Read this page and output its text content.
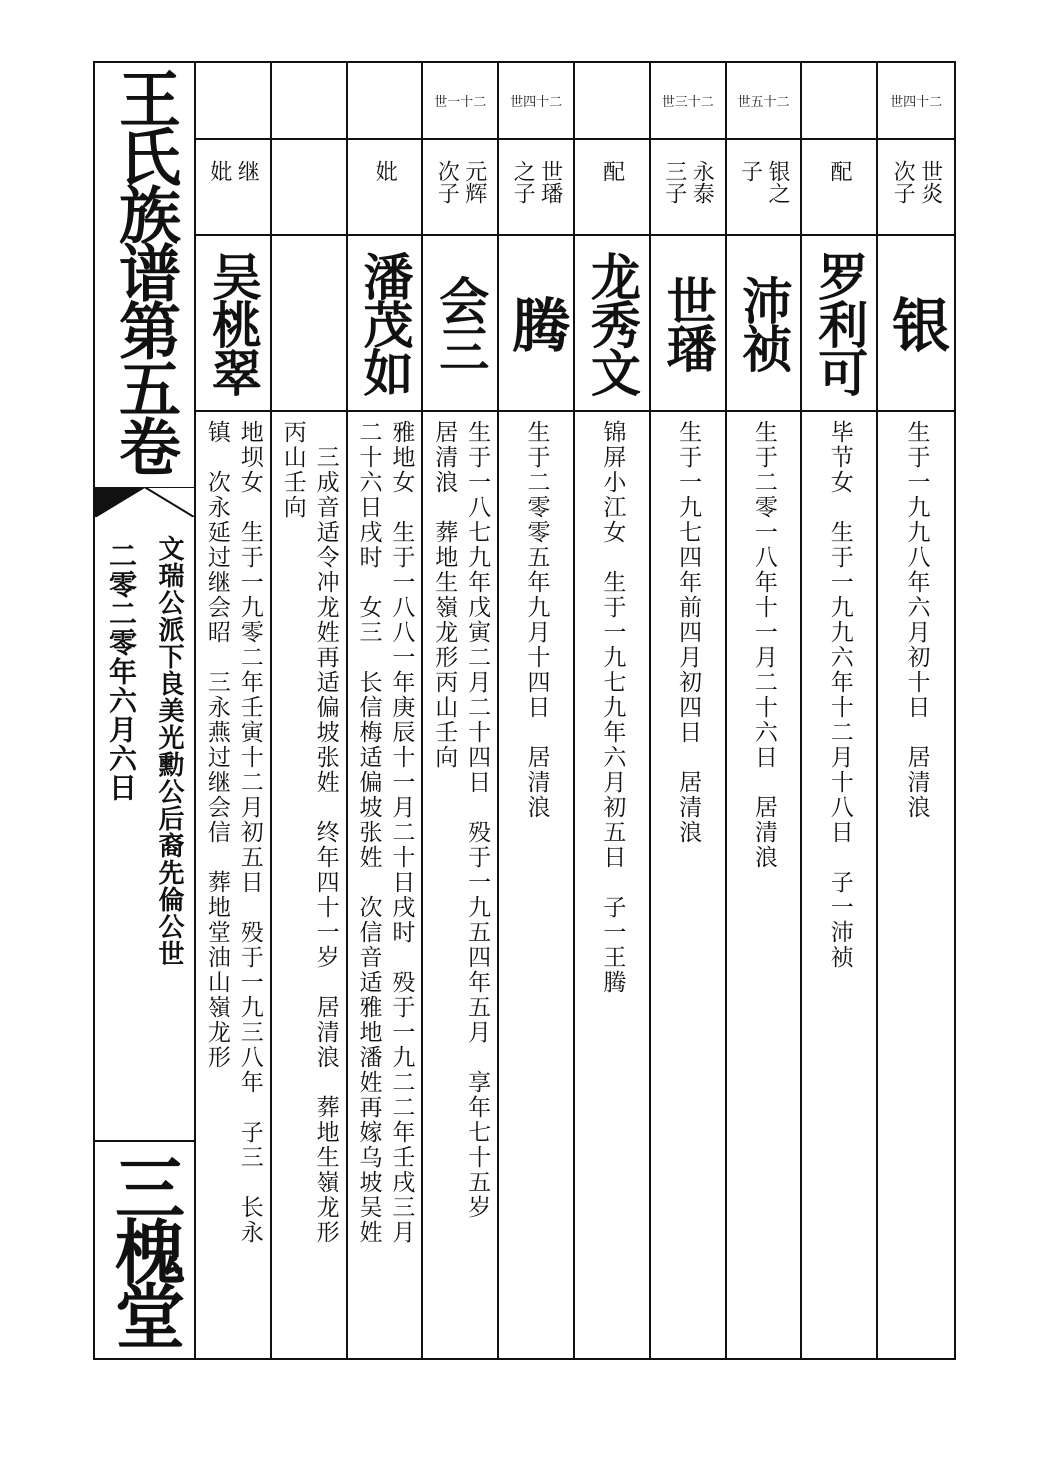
王氏族谱第五卷
文瑞公派下良美光勳公后裔先倫公世
二零二零年六月六日
三槐堂
继
妣
吴桃翠
地坝女　生于一九零二年壬寅十二月初五日　殁于一九三八年　子三　长永
镇　次永延过继会昭　三永燕过继会信　葬地堂油山嶺龙形
　三成音适令冲龙姓再适偏坡张姓　终年四十一岁　居清浪　葬地生嶺龙形
丙山壬向
妣
潘茂如
雅地女　生于一八八一年庚辰十一月二十日戌时　殁于一九二二年壬戌三月
二十六日戌时　女三　长信梅适偏坡张姓　次信音适雅地潘姓再嫁乌坡吴姓
世一十二
元辉
次子
会三
生于一八七九年戊寅二月二十四日　殁于一九五四年五月　享年七十五岁
居清浪　葬地生嶺龙形丙山壬向
世四十二
世璠
之子
腾
生于二零零五年九月十四日　居清浪
配
龙秀文
锦屏小江女　生于一九七九年六月初五日　子一王腾
世三十二
永泰
三子
世璠
生于一九七四年前四月初四日　居清浪
世五十二
银之
子
沛祯
生于二零一八年十一月二十六日　居清浪
配
罗利可
毕节女　生于一九九六年十二月十八日　子一沛祯
世四十二
世炎
次子
银
生于一九九八年六月初十日　居清浪
